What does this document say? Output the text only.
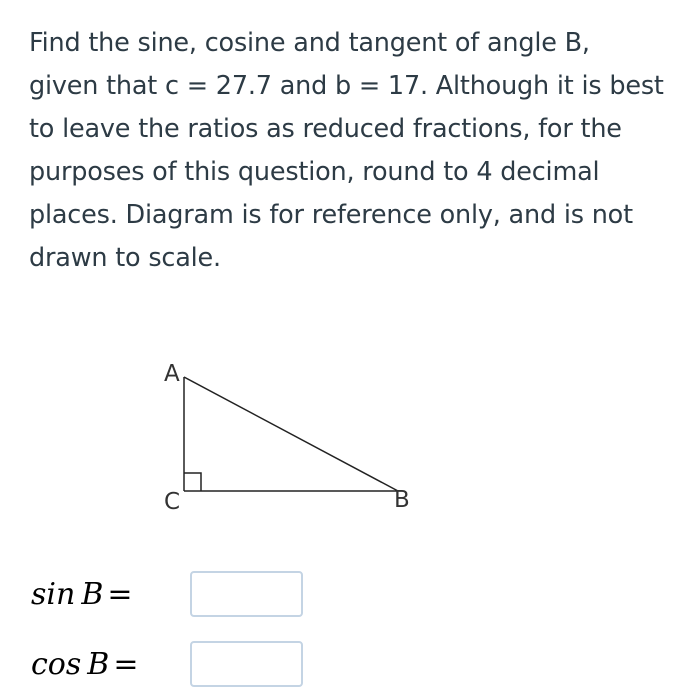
Find the sine, cosine and tangent of angle B,
given that c = 27.7 and b = 17. Although it is best
to leave the ratios as reduced fractions, for the
purposes of this question, round to 4 decimal
places. Diagram is for reference only, and is not
drawn to scale.
A
C	B
sin B =
cos B =
